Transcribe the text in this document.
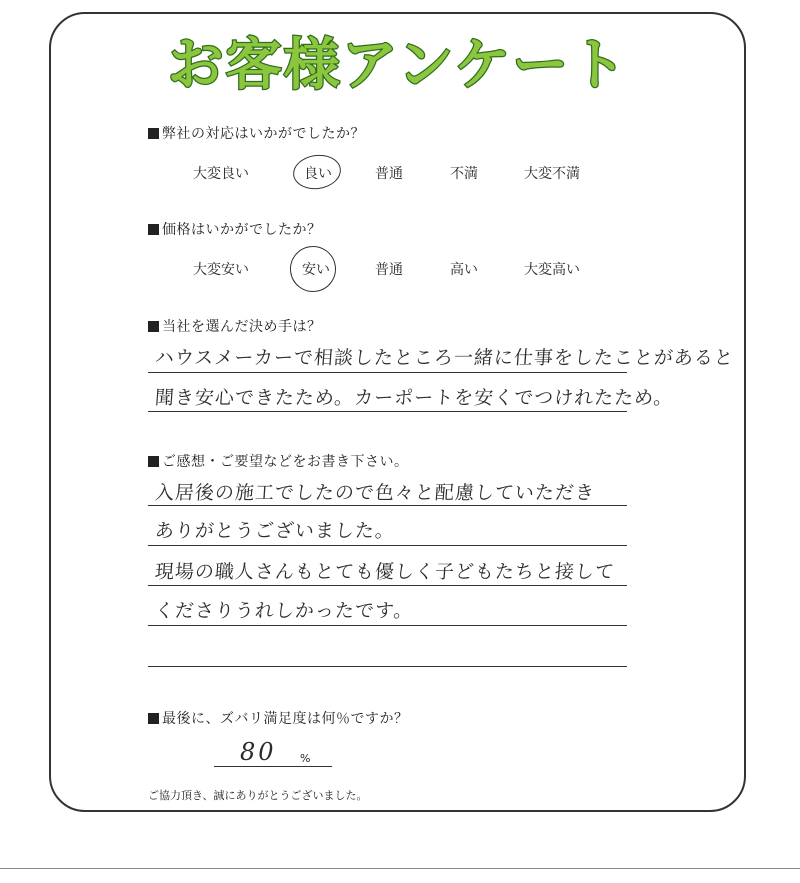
お客様アンケート
弊社の対応はいかがでしたか？
大変良い	良い	普通	不満	大変不満
価格はいかがでしたか？
大変安い	安い	普通	高い	大変高い
当社を選んだ決め手は？
ハウスメーカーで相談したところ一緒に仕事をしたことがあると
聞き安心できたため。カーポートを安くでつけれたため。
ご感想・ご要望などをお書き下さい。
入居後の施工でしたので色々と配慮していただき
ありがとうございました。
現場の職人さんもとても優しく子どもたちと接して
くださりうれしかったです。
最後に、ズバリ満足度は何％ですか？
80 %
ご協力頂き、誠にありがとうございました。
